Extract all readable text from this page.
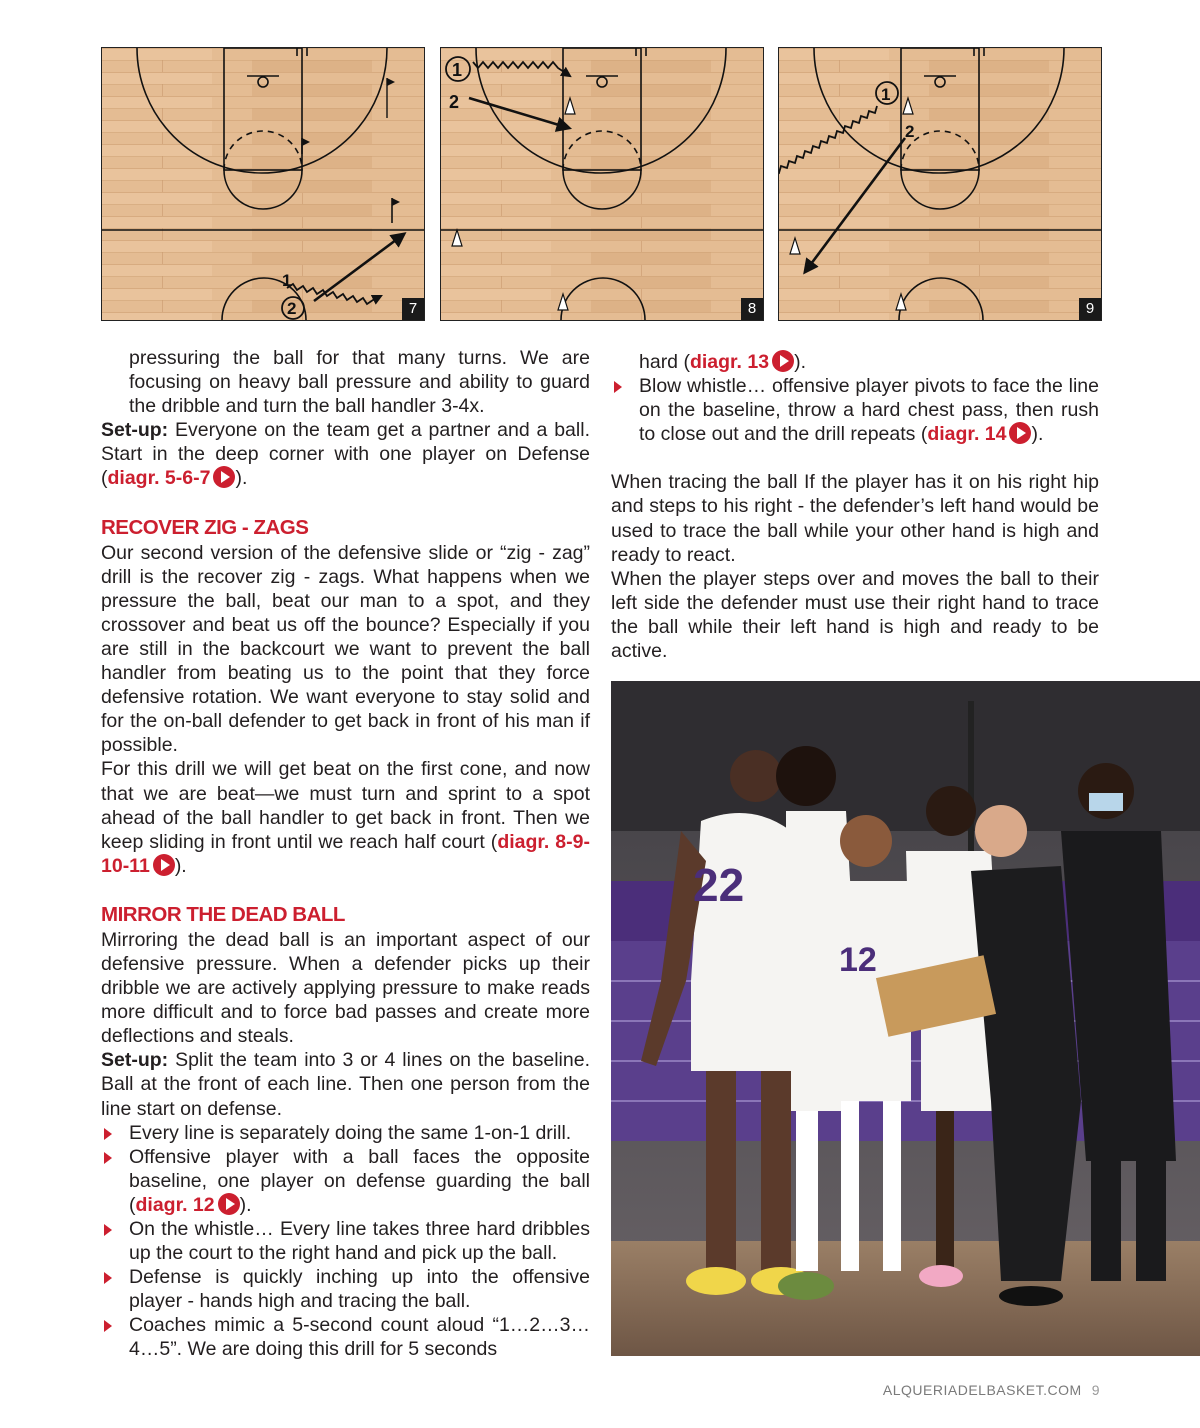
1
2	7
1
2
8
1
2
9

pressuring the ball for that many turns. We are focusing on heavy ball pressure and ability to guard the dribble and turn the ball handler 3-4x.

Set-up: Everyone on the team get a partner and a ball. Start in the deep corner with one player on Defense (diagr. 5-6-7 ).

RECOVER ZIG - ZAGS

Our second version of the defensive slide or “zig - zag” drill is the recover zig - zags. What happens when we pressure the ball, beat our man to a spot, and they crossover and beat us off the bounce? Especially if you are still in the backcourt we want to prevent the ball handler from beating us to the point that they force defensive rotation. We want everyone to stay solid and for the on-ball defender to get back in front of his man if possible.

For this drill we will get beat on the first cone, and now that we are beat—we must turn and sprint to a spot ahead of the ball handler to get back in front. Then we keep sliding in front until we reach half court (diagr. 8-9-10-11 ).

MIRROR THE DEAD BALL

Mirroring the dead ball is an important aspect of our defensive pressure. When a defender picks up their dribble we are actively applying pressure to make reads more difficult and to force bad passes and create more deflections and steals.

Set-up: Split the team into 3 or 4 lines on the baseline. Ball at the front of each line. Then one person from the line start on defense.

Every line is separately doing the same 1-on-1 drill.
Offensive player with a ball faces the opposite baseline, one player on defense guarding the ball (diagr. 12 ).
On the whistle… Every line takes three hard dribbles up the court to the right hand and pick up the ball.
Defense is quickly inching up into the offensive player - hands high and tracing the ball.
Coaches mimic a 5-second count aloud “1…2…3…4…5”. We are doing this drill for 5 seconds

hard (diagr. 13 ).

Blow whistle… offensive player pivots to face the line on the baseline, throw a hard chest pass, then rush to close out and the drill repeats (diagr. 14 ).

When tracing the ball If the player has it on his right hip and steps to his right - the defender’s left hand would be used to trace the ball while your other hand is high and ready to react.

When the player steps over and moves the ball to their left side the defender must use their right hand to trace the ball while their left hand is high and ready to be active.

22
12
ALQUERIADELBASKET.COM 9
